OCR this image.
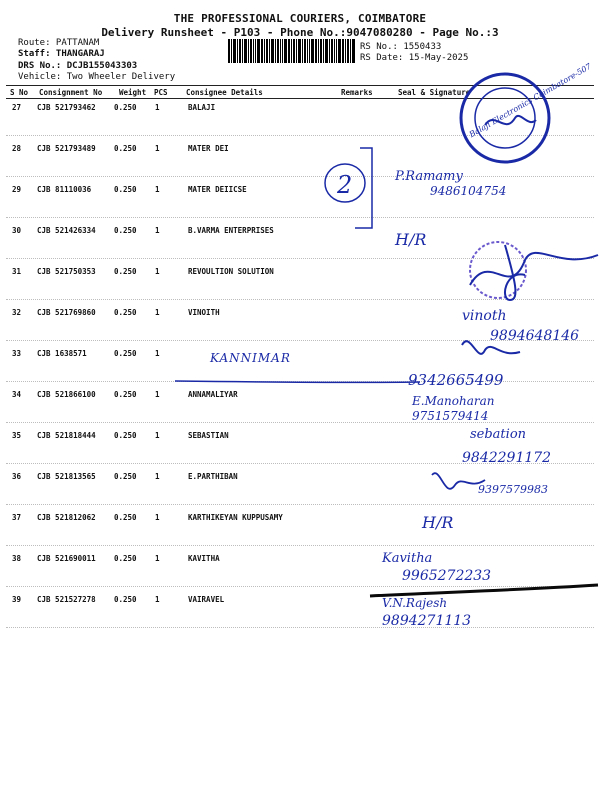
THE PROFESSIONAL COURIERS, COIMBATORE
Delivery Runsheet - P103 - Phone No.:9047080280 - Page No.:3
Route: PATTANAM
Staff: THANGARAJ
DRS No.: DCJB155043303
Vehicle: Two Wheeler Delivery
RS No.: 1550433
RS Date: 15-May-2025
S No Consignment No Weight PCS Consignee Details	Remarks	Seal & Signature
27 CJB 521793462 0.250 1	BALAJI
28 CJB 521793489 0.250 1	MATER DEI
29 CJB 81110036	0.250 1	MATER DEIICSE
30 CJB 521426334 0.250 1	B.VARMA ENTERPRISES
31 CJB 521750353 0.250 1	REVOULTION SOLUTION
32 CJB 521769860 0.250 1	VINOITH
33 CJB 1638571	0.250 1
34 CJB 521866100 0.250 1	ANNAMALIYAR
35 CJB 521818444 0.250 1	SEBASTIAN
36 CJB 521813565 0.250 1	E.PARTHIBAN
37 CJB 521812062 0.250 1	KARTHIKEYAN KUPPUSAMY
38 CJB 521690011 0.250 1	KAVITHA
39 CJB 521527278 0.250 1	VAIRAVEL
Balaji Electronics Coimbatore-507
2	P.Ramamy
9486104754
H/R
vinoth
9894648146
KANNIMAR
9342665499
E.Manoharan
9751579414
sebation
9842291172
9397579983
H/R
Kavitha
9965272233
V.N.Rajesh
9894271113
